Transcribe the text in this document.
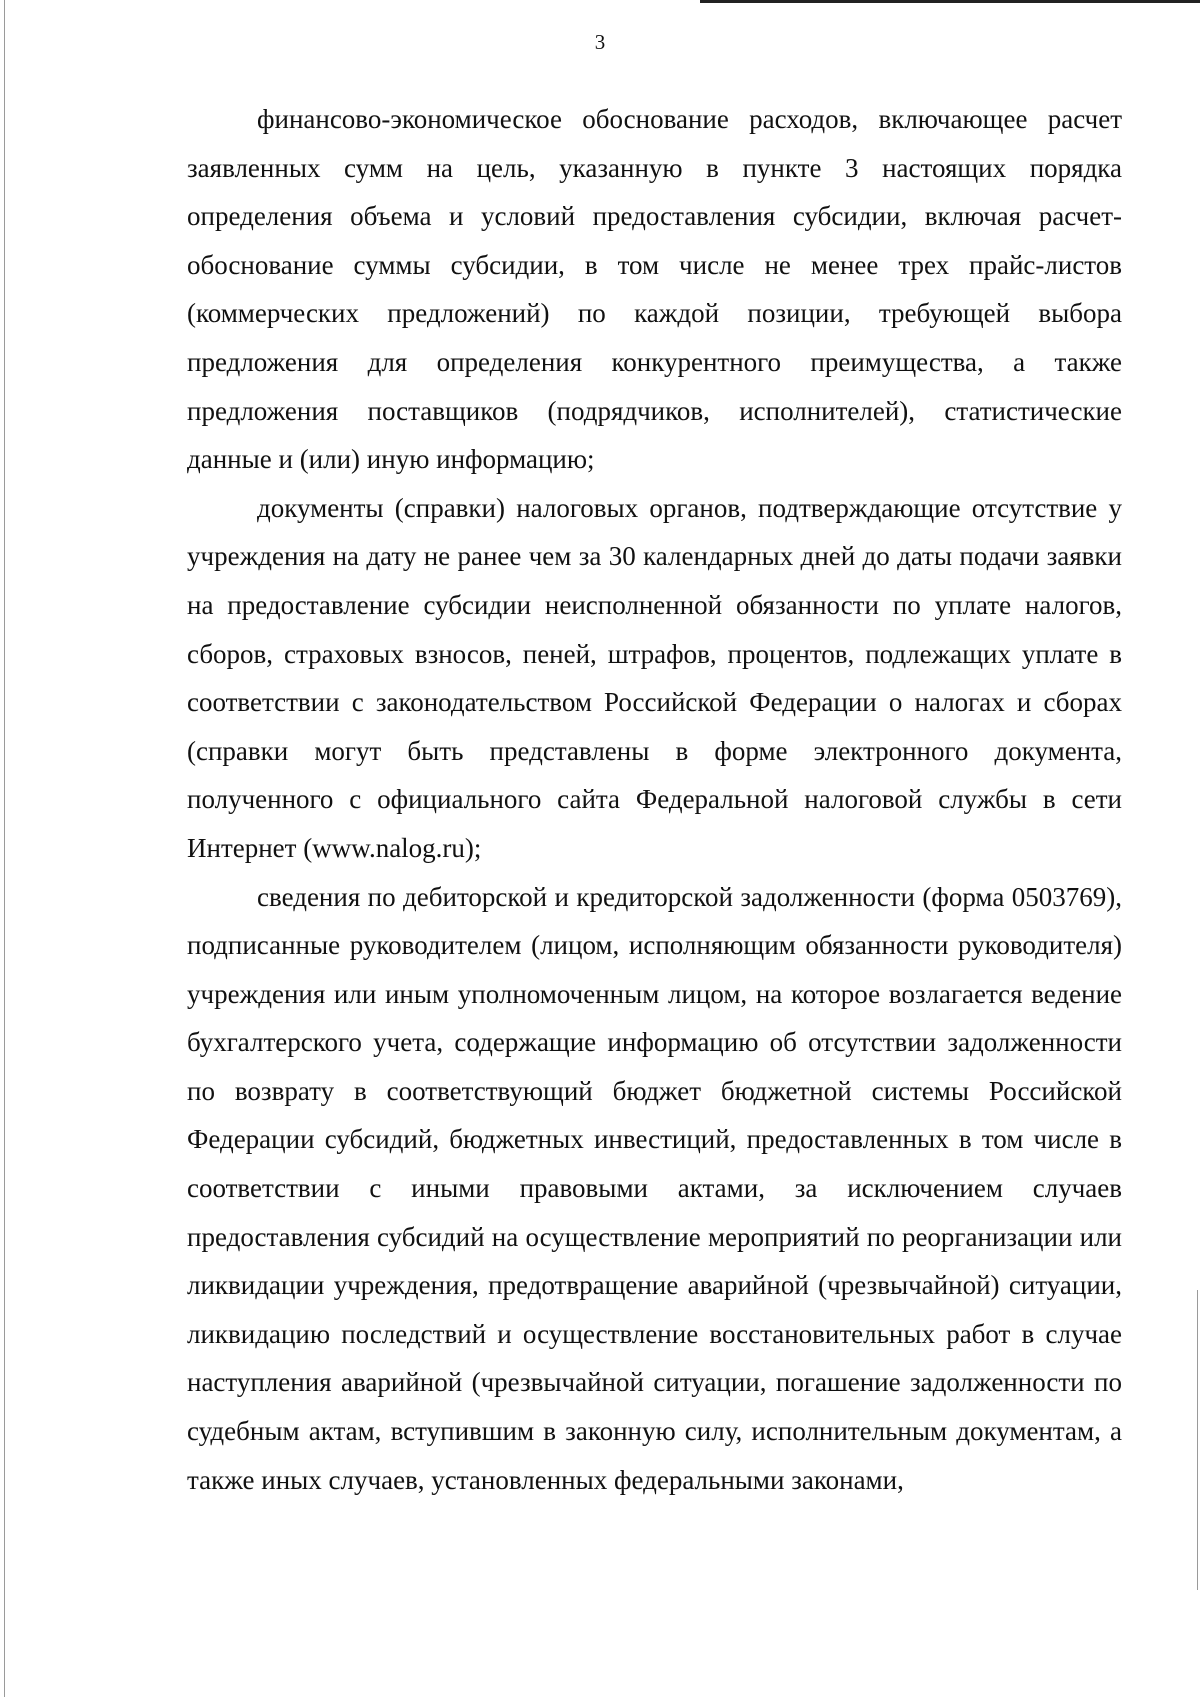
3

финансово-экономическое обоснование расходов, включающее расчет заявленных сумм на цель, указанную в пункте 3 настоящих порядка определения объема и условий предоставления субсидии, включая расчет-обоснование суммы субсидии, в том числе не менее трех прайс-листов (коммерческих предложений) по каждой позиции, требующей выбора предложения для определения конкурентного преимущества, а также предложения поставщиков (подрядчиков, исполнителей), статистические данные и (или) иную информацию;

документы (справки) налоговых органов, подтверждающие отсутствие у учреждения на дату не ранее чем за 30 календарных дней до даты подачи заявки на предоставление субсидии неисполненной обязанности по уплате налогов, сборов, страховых взносов, пеней, штрафов, процентов, подлежащих уплате в соответствии с законодательством Российской Федерации о налогах и сборах (справки могут быть представлены в форме электронного документа, полученного с официального сайта Федеральной налоговой службы в сети Интернет (www.nalog.ru);

сведения по дебиторской и кредиторской задолженности (форма 0503769), подписанные руководителем (лицом, исполняющим обязанности руководителя) учреждения или иным уполномоченным лицом, на которое возлагается ведение бухгалтерского учета, содержащие информацию об отсутствии задолженности по возврату в соответствующий бюджет бюджетной системы Российской Федерации субсидий, бюджетных инвестиций, предоставленных в том числе в соответствии с иными правовыми актами, за исключением случаев предоставления субсидий на осуществление мероприятий по реорганизации или ликвидации учреждения, предотвращение аварийной (чрезвычайной) ситуации, ликвидацию последствий и осуществление восстановительных работ в случае наступления аварийной (чрезвычайной ситуации, погашение задолженности по судебным актам, вступившим в законную силу, исполнительным документам, а также иных случаев, установленных федеральными законами,
